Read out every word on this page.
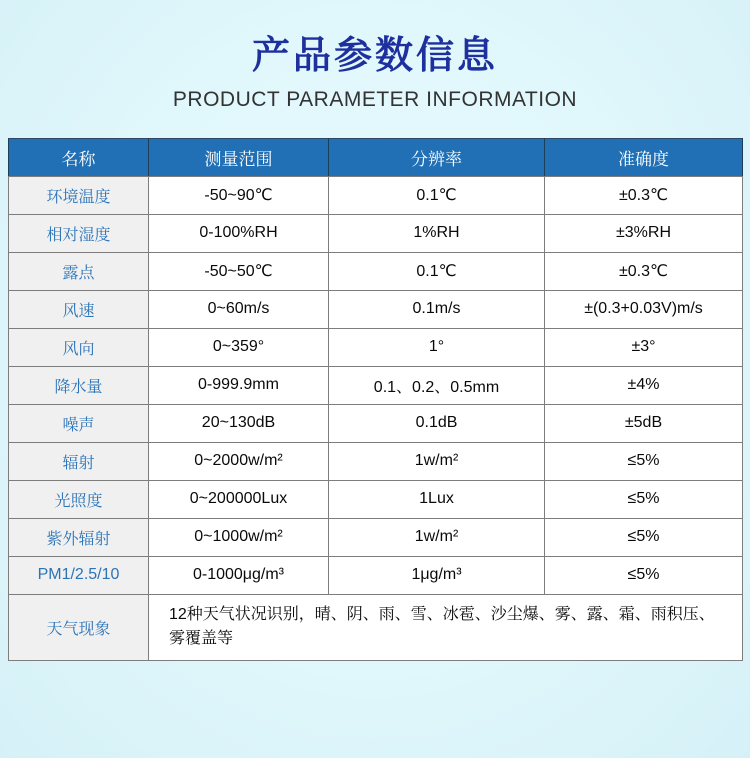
产品参数信息
PRODUCT PARAMETER INFORMATION
名称	测量范围	分辨率	准确度
环境温度	-50~90℃	0.1℃	±0.3℃
相对湿度	0-100%RH	1%RH	±3%RH
露点	-50~50℃	0.1℃	±0.3℃
风速	0~60m/s	0.1m/s	±(0.3+0.03V)m/s
风向	0~359°	1°	±3°
降水量	0-999.9mm	0.1、0.2、0.5mm	±4%
噪声	20~130dB	0.1dB	±5dB
辐射	0~2000w/m²	1w/m²	≤5%
光照度	0~200000Lux	1Lux	≤5%
紫外辐射	0~1000w/m²	1w/m²	≤5%
PM1/2.5/10	0-1000μg/m³	1μg/m³	≤5%
天气现象	12种天气状况识别，晴、阴、雨、雪、冰雹、沙尘爆、雾、露、霜、雨积压、雾覆盖等		
